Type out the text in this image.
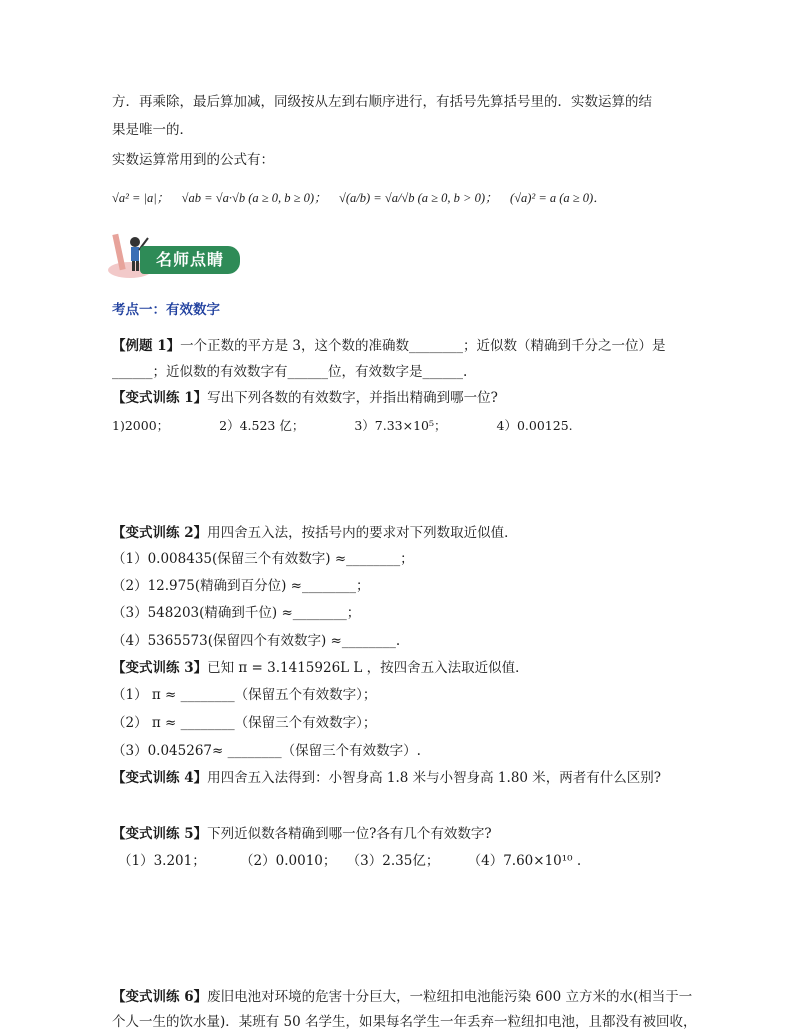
方．再乘除，最后算加减，同级按从左到右顺序进行，有括号先算括号里的．实数运算的结
果是唯一的．
实数运算常用到的公式有：
√a² = |a|； √ab = √a·√b (a ≥ 0, b ≥ 0)； √(a/b) = √a/√b (a ≥ 0, b > 0)； (√a)² = a (a ≥ 0)．
名师点睛
考点一：有效数字
【例题 1】一个正数的平方是 3，这个数的准确数________；近似数（精确到千分之一位）是
______；近似数的有效数字有______位，有效数字是______.
【变式训练 1】写出下列各数的有效数字，并指出精确到哪一位?
1)2000；	2）4.523 亿；	3）7.33×10⁵；	4）0.00125.
【变式训练 2】用四舍五入法，按括号内的要求对下列数取近似值．
（1）0.008435(保留三个有效数字) ≈________；
（2）12.975(精确到百分位) ≈________；
（3）548203(精确到千位) ≈________；
（4）5365573(保留四个有效数字) ≈________.
【变式训练 3】已知 π = 3.1415926L L ，按四舍五入法取近似值．
（1） π ≈ ________（保留五个有效数字）；
（2） π ≈ ________（保留三个有效数字）；
（3）0.045267≈ ________（保留三个有效数字）.
【变式训练 4】用四舍五入法得到：小智身高 1.8 米与小智身高 1.80 米，两者有什么区别?
【变式训练 5】下列近似数各精确到哪一位?各有几个有效数字?
（1）3.201；	（2）0.0010； （3）2.35亿； （4）7.60×10¹⁰ .
【变式训练 6】废旧电池对环境的危害十分巨大，一粒纽扣电池能污染 600 立方米的水(相当于一
个人一生的饮水量)．某班有 50 名学生，如果每名学生一年丢弃一粒纽扣电池，且都没有被回收，
